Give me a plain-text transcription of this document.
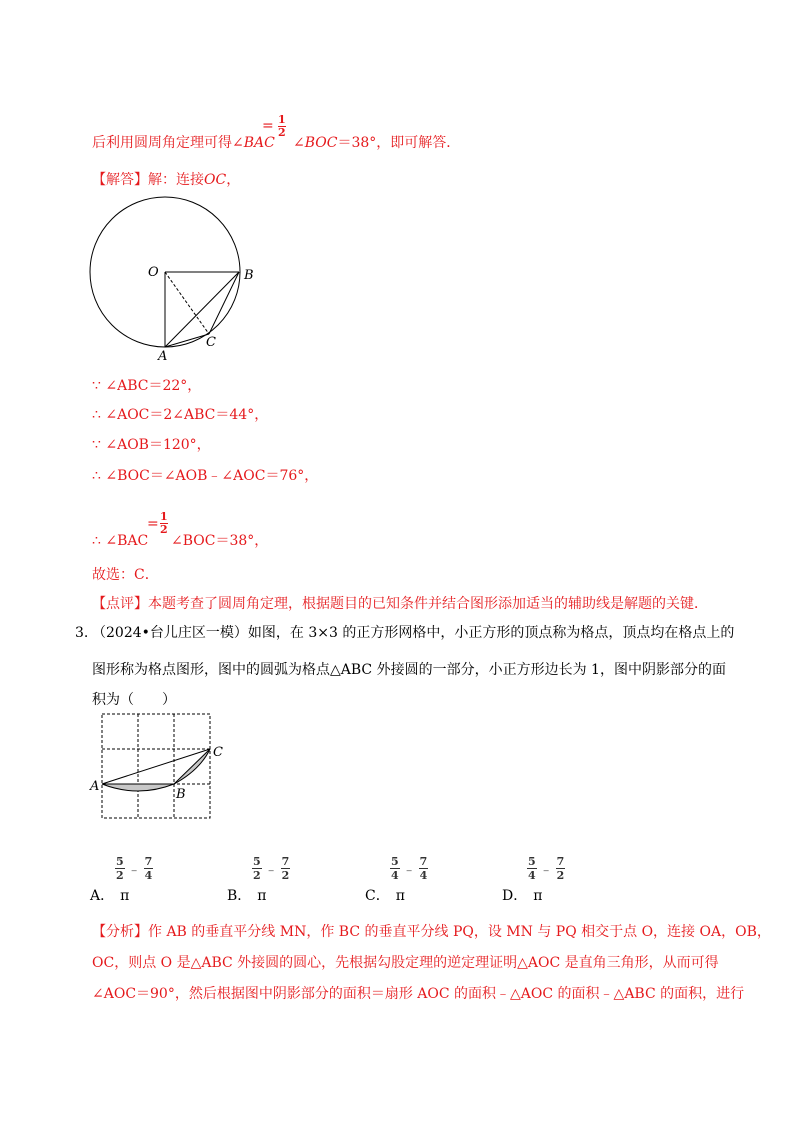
后利用圆周角定理可得∠BAC
= $\frac{1}{2}$
∠BOC＝38°，即可解答．
【解答】解：连接OC，
O	B
A
C
∵ ∠ABC＝22°，
∴ ∠AOC＝2∠ABC＝44°，
∵ ∠AOB＝120°，
∴ ∠BOC＝∠AOB﹣∠AOC＝76°，
∴ ∠BAC
= $\frac{1}{2}$
∠BOC＝38°，
故选：C．
【点评】本题考查了圆周角定理，根据题目的已知条件并结合图形添加适当的辅助线是解题的关键．
3. （2024•台儿庄区一模）如图，在 3×3 的正方形网格中，小正方形的顶点称为格点，顶点均在格点上的
图形称为格点图形，图中的圆弧为格点△ABC 外接圆的一部分，小正方形边长为 1，图中阴影部分的面
积为（　　）
A
B
C
$\frac{5}{2}$ ﹣ $\frac{7}{4}$
A． π
$\frac{5}{2}$ ﹣ $\frac{7}{2}$
B． π
$\frac{5}{4}$ ﹣ $\frac{7}{4}$
C． π
$\frac{5}{4}$ ﹣ $\frac{7}{2}$
D． π
【分析】作 AB 的垂直平分线 MN，作 BC 的垂直平分线 PQ，设 MN 与 PQ 相交于点 O，连接 OA，OB，
OC，则点 O 是△ABC 外接圆的圆心，先根据勾股定理的逆定理证明△AOC 是直角三角形，从而可得
∠AOC＝90°，然后根据图中阴影部分的面积＝扇形 AOC 的面积﹣△AOC 的面积﹣△ABC 的面积，进行
